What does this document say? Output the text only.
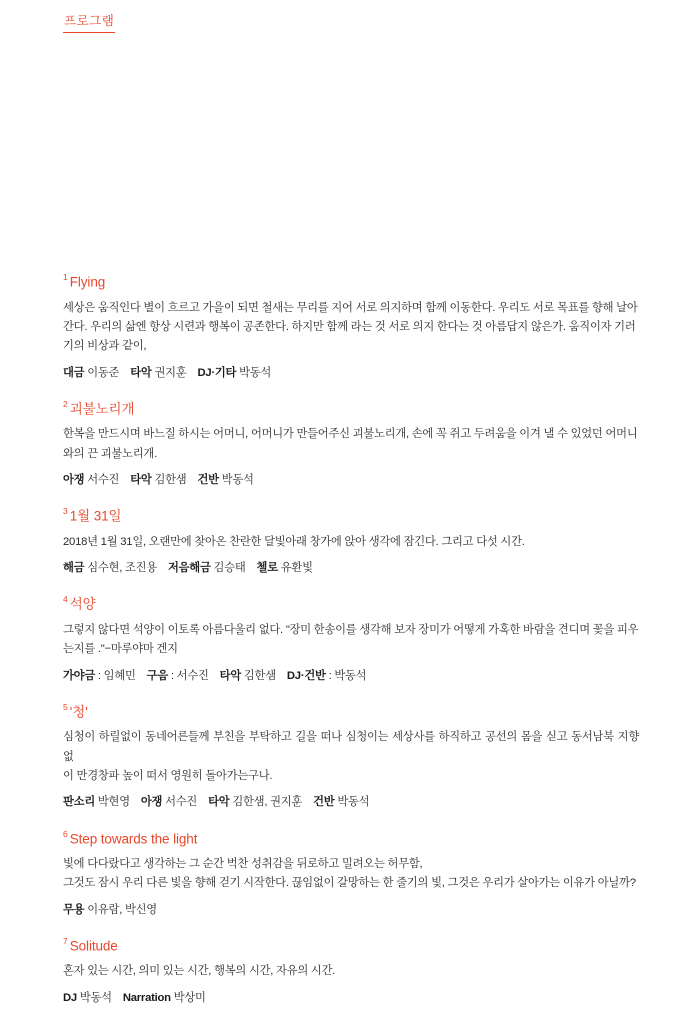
프로그램
$^1$ Flying

세상은 움직인다 별이 흐르고 가을이 되면 철새는 무리를 지어 서로 의지하며 함께 이동한다. 우리도 서로 목표를 향해 날아
간다. 우리의 삶엔 항상 시련과 행복이 공존한다. 하지만 함께 라는 것 서로 의지 한다는 것 아름답지 않은가. 움직이자 기러
기의 비상과 같이,

대금 이동준 타악 권지훈 DJ·기타 박동석
$^2$ 괴불노리개

한복을 만드시며 바느질 하시는 어머니, 어머니가 만들어주신 괴불노리개, 손에 꼭 쥐고 두려움을 이겨 낼 수 있었던 어머니
와의 끈 괴불노리개.

아쟁 서수진 타악 김한샘 건반 박동석
$^3$ 1월 31일

2018년 1월 31일, 오랜만에 찾아온 찬란한 달빛아래 창가에 앉아 생각에 잠긴다. 그리고 다섯 시간.

해금 심수현, 조진용 저음해금 김승태 첼로 유환빛
$^4$ 석양

그렇지 않다면 석양이 이토록 아름다울리 없다. "장미 한송이를 생각해 보자 장미가 어떻게 가혹한 바람을 견디며 꽃을 피우
는지를 ."−마루야마 겐지

가야금 : 임혜민 구음 : 서수진 타악 김한샘 DJ·건반 : 박동석
$^5$ '청'

심청이 하릴없이 동네어른들께 부친을 부탁하고 길을 떠나 심청이는 세상사를 하직하고 공선의 몸을 싣고 동서남북 지향 없
이 만경창파 높이 떠서 영원히 돌아가는구나.

판소리 박현영 아쟁 서수진 타악 김한샘, 권지훈 건반 박동석
$^6$ Step towards the light

빛에 다다랐다고 생각하는 그 순간 벅찬 성취감을 뒤로하고 밀려오는 허무함,
그것도 잠시 우리 다른 빛을 향해 걷기 시작한다. 끊임없이 갈망하는 한 줄기의 빛, 그것은 우리가 살아가는 이유가 아닐까?

무용 이유람, 박신영
$^7$ Solitude

혼자 있는 시간, 의미 있는 시간, 행복의 시간, 자유의 시간.

DJ 박동석 Narration 박상미
